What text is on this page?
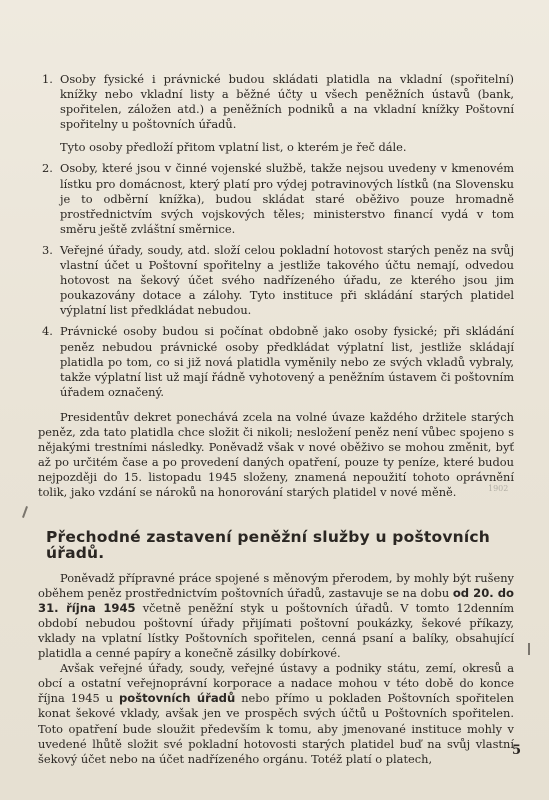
1. Osoby fysické i právnické budou skládati platidla na vkladní (spořitelní) knížky nebo vkladní listy a běžné účty u všech peněžních ústavů (bank, spořitelen, záložen atd.) a peněžních podniků a na vkladní knížky Poštovní spořitelny u poštovních úřadů.
Tyto osoby předloží přitom vplatní list, o kterém je řeč dále.
2. Osoby, které jsou v činné vojenské službě, takže nejsou uvedeny v kmenovém lístku pro domácnost, který platí pro výdej potravinových lístků (na Slovensku je to odběrní knížka), budou skládat staré oběživo pouze hromadně prostřednictvím svých vojskových těles; ministerstvo financí vydá v tom směru ještě zvláštní směrnice.
3. Veřejné úřady, soudy, atd. složí celou pokladní hotovost starých peněz na svůj vlastní účet u Poštovní spořitelny a jestliže takového účtu nemají, odvedou hotovost na šekový účet svého nadřízeného úřadu, ze kterého jsou jim poukazovány dotace a zálohy. Tyto instituce při skládání starých platidel výplatní list předkládat nebudou.
4. Právnické osoby budou si počínat obdobně jako osoby fysické; při skládání peněz nebudou právnické osoby předkládat výplatní list, jestliže skládají platidla po tom, co si již nová platidla vyměnily nebo ze svých vkladů vybraly, takže výplatní list už mají řádně vyhotovený a peněžním ústavem či poštovním úřadem označený.

Presidentův dekret ponechává zcela na volné úvaze každého držitele starých peněz, zda tato platidla chce složit či nikoli; nesložení peněz není vůbec spojeno s nějakými trestními následky. Poněvadž však v nové oběživo se mohou změnit, byť až po určitém čase a po provedení daných opatření, pouze ty peníze, které budou nejpozději do 15. listopadu 1945 složeny, znamená nepoužití tohoto oprávnění tolik, jako vzdání se nároků na honorování starých platidel v nové měně.

Přechodné zastavení peněžní služby u poštovních úřadů.

Poněvadž přípravné práce spojené s měnovým přerodem, by mohly být rušeny oběhem peněz prostřednictvím poštovních úřadů, zastavuje se na dobu od 20. do 31. října 1945 včetně peněžní styk u poštovních úřadů. V tomto 12denním období nebudou poštovní úřady přijímati poštovní poukázky, šekové příkazy, vklady na vplatní lístky Poštovních spořitelen, cenná psaní a balíky, obsahující platidla a cenné papíry a konečně zásilky dobírkové.

Avšak veřejné úřady, soudy, veřejné ústavy a podniky státu, zemí, okresů a obcí a ostatní veřejnoprávní korporace a nadace mohou v této době do konce října 1945 u poštovních úřadů nebo přímo u pokladen Poštovních spořitelen konat šekové vklady, avšak jen ve prospěch svých účtů u Poštovních spořitelen. Toto opatření bude sloužit především k tomu, aby jmenované instituce mohly v uvedené lhůtě složit své pokladní hotovosti starých platidel buď na svůj vlastní šekový účet nebo na účet nadřízeného orgánu. Totéž platí o platech,

1902
5
